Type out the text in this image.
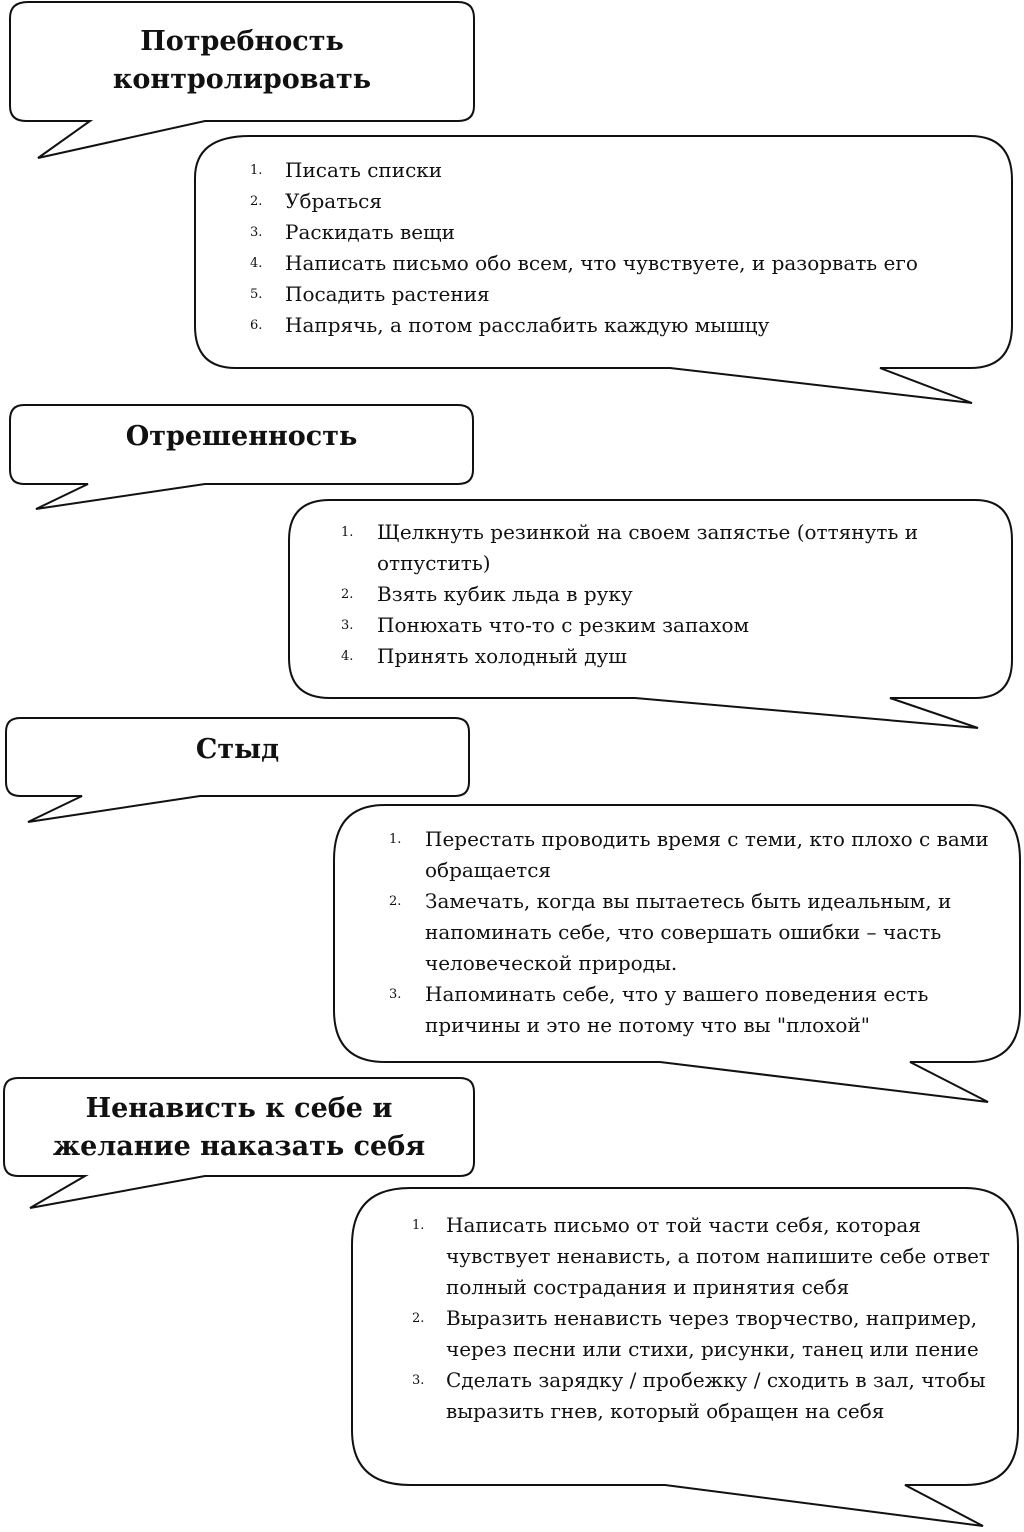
Потребность
контролировать
1. Писать списки
2. Убраться
3. Раскидать вещи
4. Написать письмо обо всем, что чувствуете, и разорвать его
5. Посадить растения
6. Напрячь, а потом расслабить каждую мышцу
Отрешенность
1. Щелкнуть резинкой на своем запястье (оттянуть и отпустить)
2. Взять кубик льда в руку
3. Понюхать что-то с резким запахом
4. Принять холодный душ
Стыд
1. Перестать проводить время с теми, кто плохо с вами обращается
2. Замечать, когда вы пытаетесь быть идеальным, и напоминать себе, что совершать ошибки – часть человеческой природы.
3. Напоминать себе, что у вашего поведения есть причины и это не потому что вы "плохой"
Ненависть к себе и
желание наказать себя
1. Написать письмо от той части себя, которая чувствует ненависть, а потом напишите себе ответ полный сострадания и принятия себя
2. Выразить ненависть через творчество, например, через песни или стихи, рисунки, танец или пение
3. Сделать зарядку / пробежку / сходить в зал, чтобы выразить гнев, который обращен на себя
